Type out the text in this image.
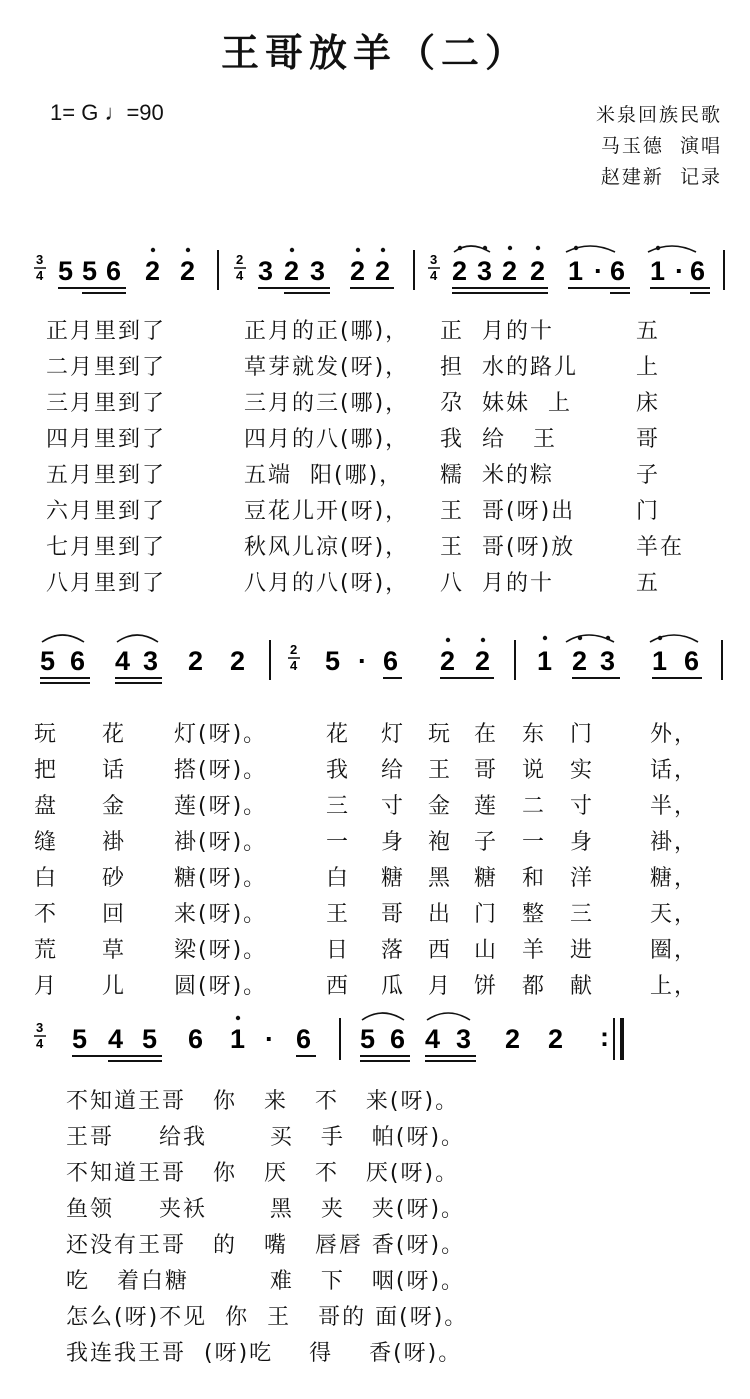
王哥放羊（二）
1= G ♩=90	米泉回族民歌
马玉德  演唱
赵建新  记录
3
4 5 5 6 2 2	2
4 3 2 3 2 2	3
4 2 3 2 2 1 · 6 1 · 6
正月里到了	正月的正(哪)， 正  月的十	五
二月里到了	草芽就发(呀)， 担  水的路儿	上
三月里到了	三月的三(哪)， 尕  妹妹  上	床
四月里到了	四月的八(哪)， 我  给   王	哥
五月里到了	五端  阳(哪)， 糯  米的粽	子
六月里到了	豆花儿开(呀)， 王  哥(呀)出	门
七月里到了	秋风儿凉(呀)， 王  哥(呀)放	羊在
八月里到了	八月的八(呀)， 八  月的十	五
5 6 4 3 2 2	2
4 5 · 6 2 2 1 2 3 1 6
玩 花 灯(呀)。	花 灯 玩 在 东 门	外，
把 话 搭(呀)。	我 给 王 哥 说 实	话，
盘 金 莲(呀)。	三 寸 金 莲 二 寸	半，
缝 褂 褂(呀)。	一 身 袍 子 一 身	褂，
白 砂 糖(呀)。	白 糖 黑 糖 和 洋	糖，
不 回 来(呀)。	王 哥 出 门 整 三	天，
荒 草 梁(呀)。	日 落 西 山 羊 进	圈，
月 儿 圆(呀)。	西 瓜 月 饼 都 献	上，
3
4 5 4 5 6 1 · 6 5 6 4 3 2 2 :
不知道王哥   你   来   不   来(呀)。
王哥     给我       买   手   帕(呀)。
不知道王哥   你   厌   不   厌(呀)。
鱼领     夹袄       黑   夹   夹(呀)。
还没有王哥   的   嘴   唇唇 香(呀)。
吃   着白糖         难   下   咽(呀)。
怎么(呀)不见  你  王   哥的 面(呀)。
我连我王哥  (呀)吃    得    香(呀)。
